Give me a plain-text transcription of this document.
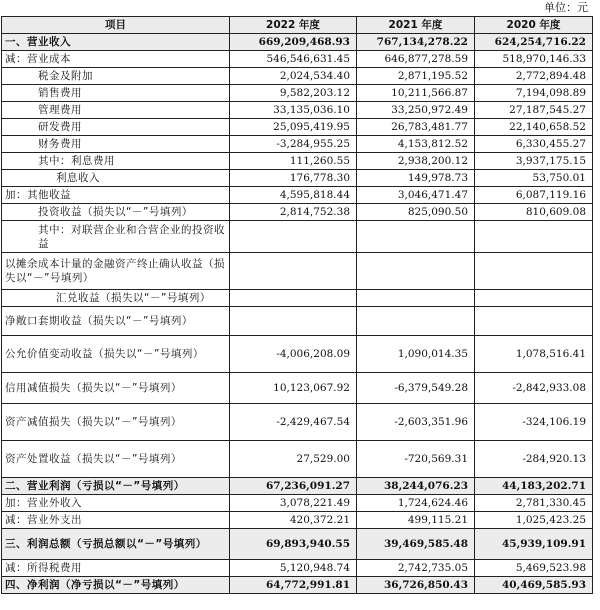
单位：元
项目	2022 年度	2021 年度	2020 年度
一、营业收入	669,209,468.93	767,134,278.22	624,254,716.22
减：营业成本	546,546,631.45	646,877,278.59	518,970,146.33
税金及附加	2,024,534.40	2,871,195.52	2,772,894.48
销售费用	9,582,203.12	10,211,566.87	7,194,098.89
管理费用	33,135,036.10	33,250,972.49	27,187,545.27
研发费用	25,095,419.95	26,783,481.77	22,140,658.52
财务费用	-3,284,955.25	4,153,812.52	6,330,455.27
其中：利息费用	111,260.55	2,938,200.12	3,937,175.15
利息收入	176,778.30	149,978.73	53,750.01
加：其他收益	4,595,818.44	3,046,471.47	6,087,119.16
投资收益（损失以“－”号填列）	2,814,752.38	825,090.50	810,609.08
其中：对联营企业和合营企业的投资收益			
以摊余成本计量的金融资产终止确认收益（损失以“－”号填列）			
汇兑收益（损失以“－”号填列）			
净敞口套期收益（损失以“－”号填列）			
公允价值变动收益（损失以“－”号填列）	-4,006,208.09	1,090,014.35	1,078,516.41
信用减值损失（损失以“－”号填列）	10,123,067.92	-6,379,549.28	-2,842,933.08
资产减值损失（损失以“－”号填列）	-2,429,467.54	-2,603,351.96	-324,106.19
资产处置收益（损失以“－”号填列）	27,529.00	-720,569.31	-284,920.13
二、营业利润（亏损以“－”号填列）	67,236,091.27	38,244,076.23	44,183,202.71
加：营业外收入	3,078,221.49	1,724,624.46	2,781,330.45
减：营业外支出	420,372.21	499,115.21	1,025,423.25
三、利润总额（亏损总额以“－”号填列）	69,893,940.55	39,469,585.48	45,939,109.91
减：所得税费用	5,120,948.74	2,742,735.05	5,469,523.98
四、净利润（净亏损以“－”号填列）	64,772,991.81	36,726,850.43	40,469,585.93
